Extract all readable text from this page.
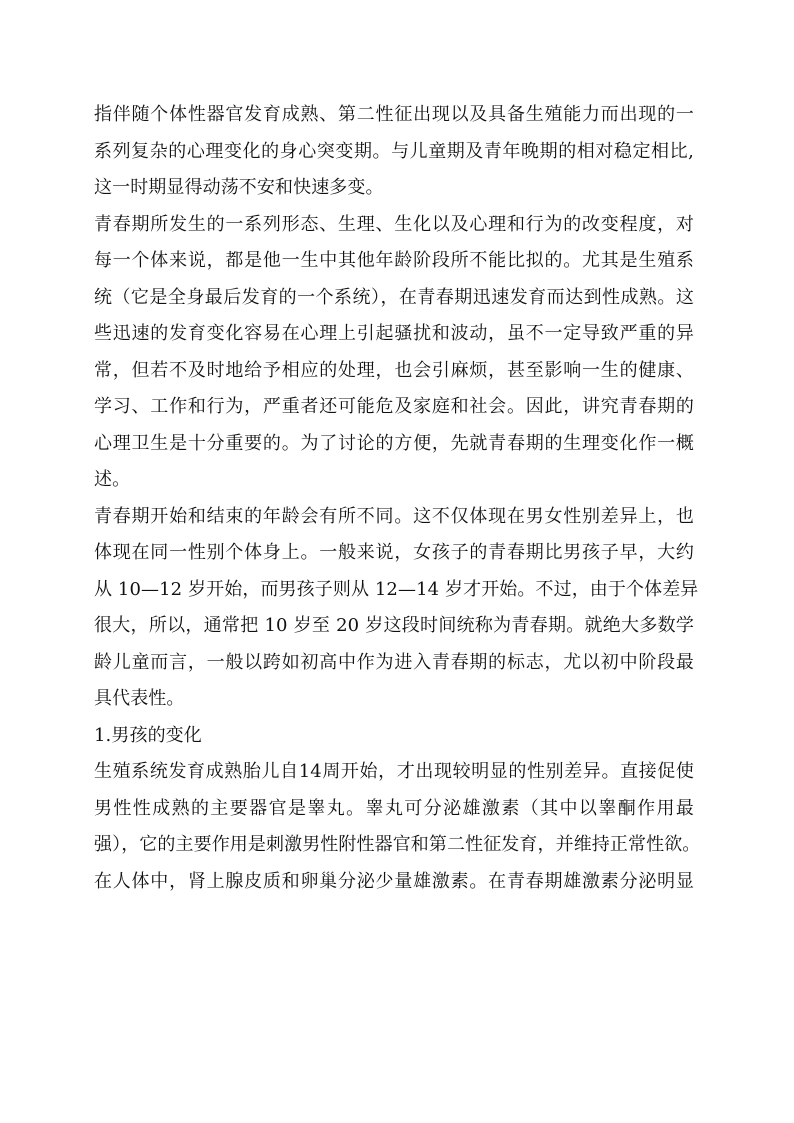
指伴随个体性器官发育成熟、第二性征出现以及具备生殖能力而出现的一
系列复杂的心理变化的身心突变期。与儿童期及青年晚期的相对稳定相比,
这一时期显得动荡不安和快速多变。
青春期所发生的一系列形态、生理、生化以及心理和行为的改变程度，对
每一个体来说，都是他一生中其他年龄阶段所不能比拟的。尤其是生殖系
统（它是全身最后发育的一个系统），在青春期迅速发育而达到性成熟。这
些迅速的发育变化容易在心理上引起骚扰和波动，虽不一定导致严重的异
常，但若不及时地给予相应的处理，也会引麻烦，甚至影响一生的健康、
学习、工作和行为，严重者还可能危及家庭和社会。因此，讲究青春期的
心理卫生是十分重要的。为了讨论的方便，先就青春期的生理变化作一概
述。
青春期开始和结束的年龄会有所不同。这不仅体现在男女性别差异上，也
体现在同一性别个体身上。一般来说，女孩子的青春期比男孩子早，大约
从 10—12 岁开始，而男孩子则从 12—14 岁才开始。不过，由于个体差异
很大，所以，通常把 10 岁至 20 岁这段时间统称为青春期。就绝大多数学
龄儿童而言，一般以跨如初高中作为进入青春期的标志，尤以初中阶段最
具代表性。
1.男孩的变化
生殖系统发育成熟胎儿自14周开始，才出现较明显的性别差异。直接促使
男性性成熟的主要器官是睾丸。睾丸可分泌雄激素（其中以睾酮作用最
强），它的主要作用是刺激男性附性器官和第二性征发育，并维持正常性欲。
在人体中，肾上腺皮质和卵巢分泌少量雄激素。在青春期雄激素分泌明显
